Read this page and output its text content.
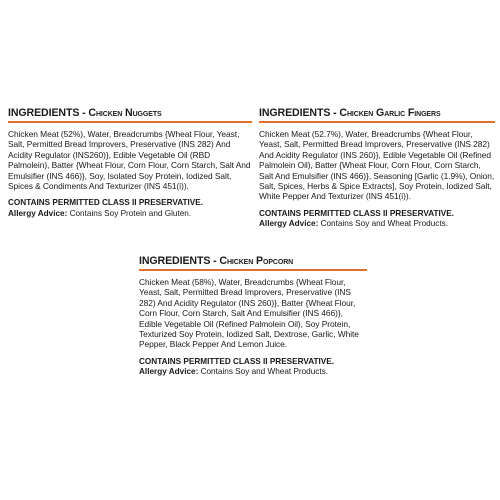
INGREDIENTS - Chicken Nuggets

Chicken Meat (52%), Water, Breadcrumbs {Wheat Flour, Yeast, Salt, Permitted Bread Improvers, Preservative (INS 282) And Acidity Regulator (INS260)}, Edible Vegetable Oil (RBD Palmolein), Batter {Wheat Flour, Corn Flour, Corn Starch, Salt And Emulsifier (INS 466)}, Soy, Isolated Soy Protein, Iodized Salt, Spices & Condiments And Texturizer (INS 451(i)).

CONTAINS PERMITTED CLASS II PRESERVATIVE.
Allergy Advice: Contains Soy Protein and Gluten.
INGREDIENTS - Chicken Garlic Fingers

Chicken Meat (52.7%), Water, Breadcrumbs {Wheat Flour, Yeast, Salt, Permitted Bread Improvers, Preservative (INS 282) And Acidity Regulator (INS 260)}, Edible Vegetable Oil (Refined Palmolein Oil), Batter {Wheat Flour, Corn Flour, Corn Starch, Salt And Emulsifier (INS 466)}, Seasoning [Garlic (1.9%), Onion, Salt, Spices, Herbs & Spice Extracts], Soy Protein, Iodized Salt, White Pepper And Texturizer (INS 451(i)).

CONTAINS PERMITTED CLASS II PRESERVATIVE.
Allergy Advice: Contains Soy and Wheat Products.
INGREDIENTS - Chicken Popcorn

Chicken Meat (58%), Water, Breadcrumbs {Wheat Flour, Yeast, Salt, Permitted Bread Improvers, Preservative (INS 282) And Acidity Regulator (INS 260)}, Batter {Wheat Flour, Corn Flour, Corn Starch, Salt And Emulsifier (INS 466)}, Edible Vegetable Oil (Refined Palmolein Oil), Soy Protein, Texturized Soy Protein, Iodized Salt, Dextrose, Garlic, White Pepper, Black Pepper And Lemon Juice.

CONTAINS PERMITTED CLASS II PRESERVATIVE.
Allergy Advice: Contains Soy and Wheat Products.
